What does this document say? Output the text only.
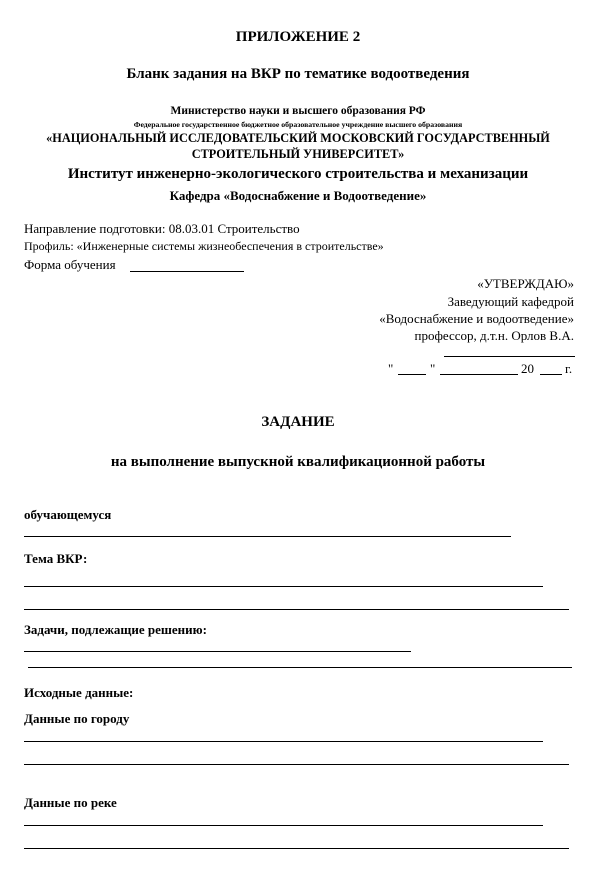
ПРИЛОЖЕНИЕ 2
Бланк задания на ВКР по тематике водоотведения
Министерство науки и высшего образования РФ
Федеральное государственное бюджетное образовательное учреждение высшего образования
«НАЦИОНАЛЬНЫЙ ИССЛЕДОВАТЕЛЬСКИЙ МОСКОВСКИЙ ГОСУДАРСТВЕННЫЙ
СТРОИТЕЛЬНЫЙ УНИВЕРСИТЕТ»
Институт инженерно-экологического строительства и механизации
Кафедра «Водоснабжение и Водоотведение»
Направление подготовки: 08.03.01 Строительство
Профиль: «Инженерные системы жизнеобеспечения в строительстве»
Форма обучения
«УТВЕРЖДАЮ»
Заведующий кафедрой
«Водоснабжение и водоотведение»
профессор, д.т.н. Орлов В.А.
"	"	20 г.
ЗАДАНИЕ
на выполнение выпускной квалификационной работы
обучающемуся
Тема ВКР:
Задачи, подлежащие решению:
Исходные данные:
Данные по городу
Данные по реке
